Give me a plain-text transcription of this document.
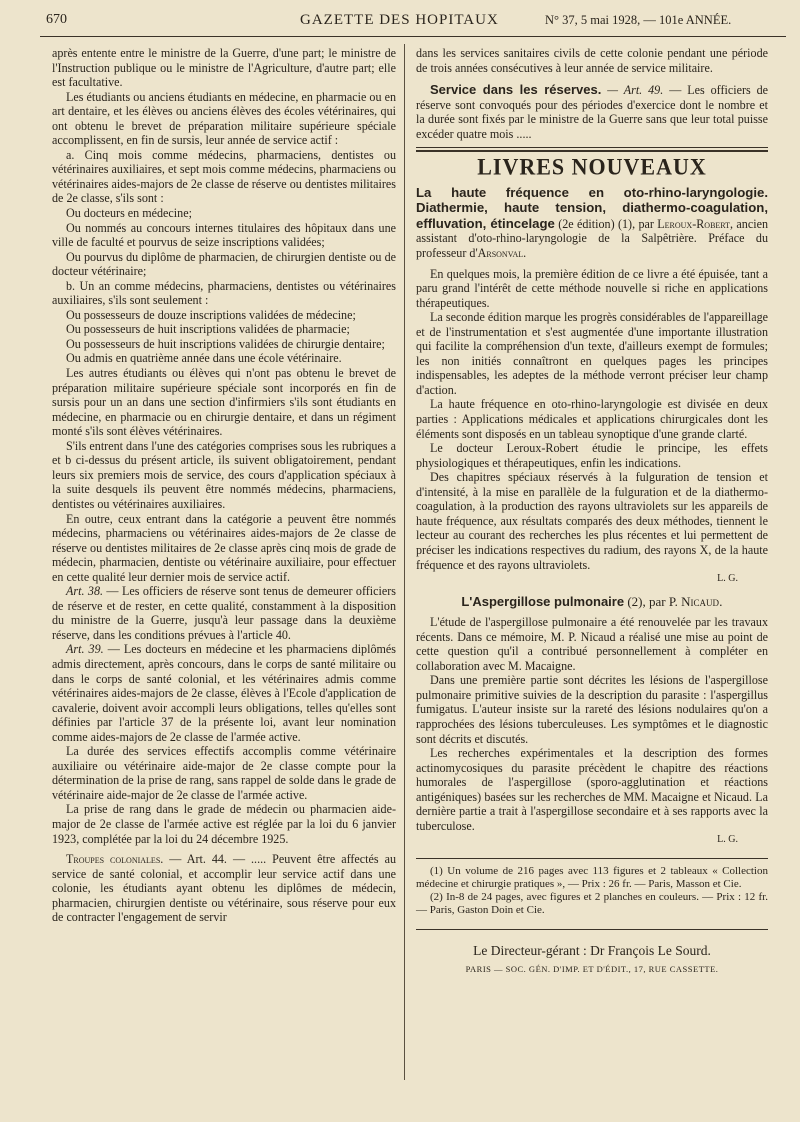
670	GAZETTE DES HOPITAUX	N° 37, 5 mai 1928, — 101e ANNÉE.

après entente entre le ministre de la Guerre, d'une part; le ministre de l'Instruction publique ou le ministre de l'Agriculture, d'autre part; elle est facultative.

Les étudiants ou anciens étudiants en médecine, en pharmacie ou en art dentaire, et les élèves ou anciens élèves des écoles vétérinaires, qui ont obtenu le brevet de préparation militaire supérieure spéciale accomplissent, en fin de sursis, leur année de service actif :

a. Cinq mois comme médecins, pharmaciens, dentistes ou vétérinaires auxiliaires, et sept mois comme médecins, pharmaciens ou vétérinaires aides-majors de 2e classe de réserve ou dentistes militaires de 2e classe, s'ils sont :

Ou docteurs en médecine;

Ou nommés au concours internes titulaires des hôpitaux dans une ville de faculté et pourvus de seize inscriptions validées;

Ou pourvus du diplôme de pharmacien, de chirurgien dentiste ou de docteur vétérinaire;

b. Un an comme médecins, pharmaciens, dentistes ou vétérinaires auxiliaires, s'ils sont seulement :

Ou possesseurs de douze inscriptions validées de médecine;

Ou possesseurs de huit inscriptions validées de pharmacie;

Ou possesseurs de huit inscriptions validées de chirurgie dentaire;

Ou admis en quatrième année dans une école vétérinaire.

Les autres étudiants ou élèves qui n'ont pas obtenu le brevet de préparation militaire supérieure spéciale sont incorporés en fin de sursis pour un an dans une section d'infirmiers s'ils sont étudiants en médecine, en pharmacie ou en chirurgie dentaire, et dans un régiment monté s'ils sont élèves vétérinaires.

S'ils entrent dans l'une des catégories comprises sous les rubriques a et b ci-dessus du présent article, ils suivent obligatoirement, pendant leurs six premiers mois de service, des cours d'application spéciaux à la suite desquels ils peuvent être nommés médecins, pharmaciens, dentistes ou vétérinaires auxiliaires.

En outre, ceux entrant dans la catégorie a peuvent être nommés médecins, pharmaciens ou vétérinaires aides-majors de 2e classe de réserve ou dentistes militaires de 2e classe après cinq mois de grade de médecin, pharmacien, dentiste ou vétérinaire auxiliaire, pour effectuer en cette qualité leur dernier mois de service actif.

Art. 38. — Les officiers de réserve sont tenus de demeurer officiers de réserve et de rester, en cette qualité, constamment à la disposition du ministre de la Guerre, jusqu'à leur passage dans la deuxième réserve, dans les conditions prévues à l'article 40.

Art. 39. — Les docteurs en médecine et les pharmaciens diplômés admis directement, après concours, dans le corps de santé militaire ou dans le corps de santé colonial, et les vétérinaires admis comme vétérinaires aides-majors de 2e classe, élèves à l'Ecole d'application de cavalerie, doivent avoir accompli leurs obligations, telles qu'elles sont définies par l'article 37 de la présente loi, avant leur nomination comme aides-majors de 2e classe de l'armée active.

La durée des services effectifs accomplis comme vétérinaire auxiliaire ou vétérinaire aide-major de 2e classe compte pour la détermination de la prise de rang, sans rappel de solde dans le grade de vétérinaire aide-major de 2e classe de l'armée active.

La prise de rang dans le grade de médecin ou pharmacien aide-major de 2e classe de l'armée active est réglée par la loi du 6 janvier 1923, complétée par la loi du 24 décembre 1925.

Troupes coloniales. — Art. 44. — ..... Peuvent être affectés au service de santé colonial, et accomplir leur service actif dans une colonie, les étudiants ayant obtenu les diplômes de médecin, pharmacien, chirurgien dentiste ou vétérinaire, sous réserve pour eux de contracter l'engagement de servir

dans les services sanitaires civils de cette colonie pendant une période de trois années consécutives à leur année de service militaire.

Service dans les réserves. — Art. 49. — Les officiers de réserve sont convoqués pour des périodes d'exercice dont le nombre et la durée sont fixés par le ministre de la Guerre sans que leur total puisse excéder quatre mois .....

LIVRES NOUVEAUX

La haute fréquence en oto-rhino-laryngologie. Diathermie, haute tension, diathermo-coagulation, effluvation, étincelage (2e édition) (1), par Leroux-Robert, ancien assistant d'oto-rhino-laryngologie de la Salpêtrière. Préface du professeur d'Arsonval.

En quelques mois, la première édition de ce livre a été épuisée, tant a paru grand l'intérêt de cette méthode nouvelle si riche en applications thérapeutiques.

La seconde édition marque les progrès considérables de l'appareillage et de l'instrumentation et s'est augmentée d'une importante illustration qui facilite la compréhension d'un texte, d'ailleurs exempt de formules; les non initiés connaîtront en quelques pages les principes indispensables, les adeptes de la méthode verront préciser leur champ d'action.

La haute fréquence en oto-rhino-laryngologie est divisée en deux parties : Applications médicales et applications chirurgicales dont les éléments sont disposés en un tableau synoptique d'une grande clarté.

Le docteur Leroux-Robert étudie le principe, les effets physiologiques et thérapeutiques, enfin les indications.

Des chapitres spéciaux réservés à la fulguration de tension et d'intensité, à la mise en parallèle de la fulguration et de la diathermo-coagulation, à la production des rayons ultraviolets sur les appareils de haute fréquence, aux résultats comparés des deux méthodes, tiennent le lecteur au courant des recherches les plus récentes et lui permettent de préciser les indications respectives du radium, des rayons X, de la haute fréquence et des rayons ultraviolets.

L. G.
L'Aspergillose pulmonaire (2), par P. Nicaud.

L'étude de l'aspergillose pulmonaire a été renouvelée par les travaux récents. Dans ce mémoire, M. P. Nicaud a réalisé une mise au point de cette question qu'il a contribué personnellement à compléter en collaboration avec M. Macaigne.

Dans une première partie sont décrites les lésions de l'aspergillose pulmonaire primitive suivies de la description du parasite : l'aspergillus fumigatus. L'auteur insiste sur la rareté des lésions nodulaires qu'on a rapprochées des lésions tuberculeuses. Les symptômes et le diagnostic sont décrits et discutés.

Les recherches expérimentales et la description des formes actinomycosiques du parasite précèdent le chapitre des réactions humorales de l'aspergillose (sporo-agglutination et réactions antigéniques) basées sur les recherches de MM. Macaigne et Nicaud. La dernière partie a trait à l'aspergillose secondaire et à ses rapports avec la tuberculose.

L. G.

(1) Un volume de 216 pages avec 113 figures et 2 tableaux « Collection médecine et chirurgie pratiques », — Prix : 26 fr. — Paris, Masson et Cie.

(2) In-8 de 24 pages, avec figures et 2 planches en couleurs. — Prix : 12 fr. — Paris, Gaston Doin et Cie.

Le Directeur-gérant : Dr François Le Sourd.
PARIS — SOC. GÉN. D'IMP. ET D'ÉDIT., 17, RUE CASSETTE.
